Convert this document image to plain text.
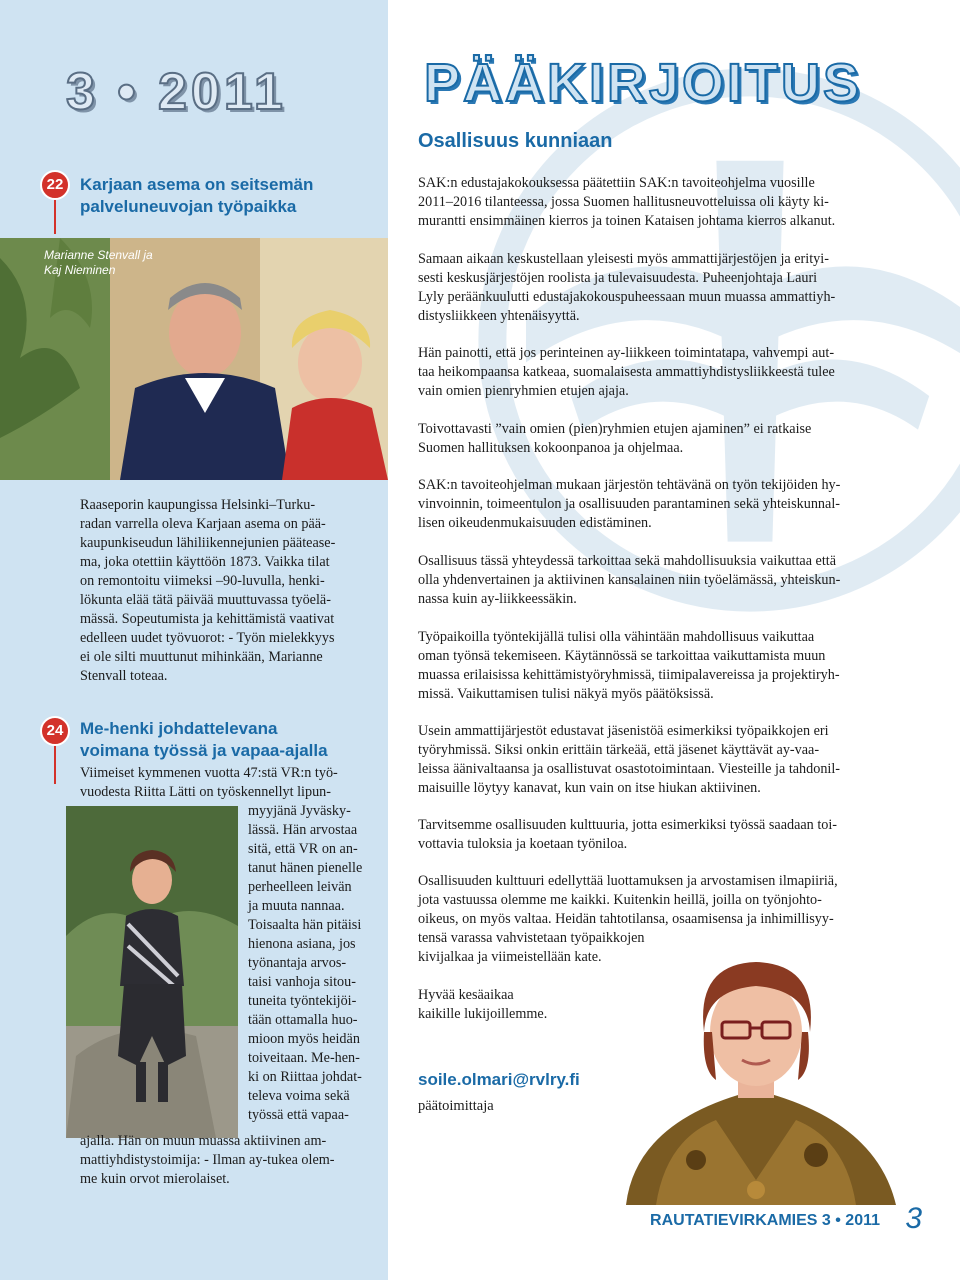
3 • 2011
22 Karjaan asema on seitsemän
palveluneuvojan työpaikka
Marianne Stenvall ja
Kaj Nieminen
Raaseporin kaupungissa Helsinki–Turku-
radan varrella oleva Karjaan asema on pää-
kaupunkiseudun lähiliikennejunien pääteasе-
ma, joka otettiin käyttöön 1873. Vaikka tilat
on remontoitu viimeksi –90-luvulla, henki-
lökunta elää tätä päivää muuttuvassa työelä-
mässä. Sopeutumista ja kehittämistä vaativat
edelleen uudet työvuorot: - Työn mielekkyys
ei ole silti muuttunut mihinkään, Marianne
Stenvall toteaa.
24 Me-henki johdattelevana
voimana työssä ja vapaa-ajalla
Viimeiset kymmenen vuotta 47:stä VR:n työ-
vuodesta Riitta Lätti on työskennellyt lipun-
myyjänä Jyväsky-
lässä. Hän arvostaa
sitä, että VR on an-
tanut hänen pienelle
perheelleen leivän
ja muuta nannaa.
Toisaalta hän pitäisi
hienona asiana, jos
työnantaja arvos-
taisi vanhoja sitou-
tuneita työntekijöi-
tään ottamalla huo-
mioon myös heidän
toiveitaan. Me-hen-
ki on Riittaa johdat-
televa voima sekä
työssä että vapaa-
ajalla. Hän on muun muassa aktiivinen am-
mattiyhdistystoimija: - Ilman ay-tukea olem-
me kuin orvot mierolaiset.
PÄÄKIRJOITUS
Osallisuus kunniaan
SAK:n edustajakokouksessa päätettiin SAK:n tavoiteohjelma vuosille
2011–2016 tilanteessa, jossa Suomen hallitusneuvotteluissa oli käyty ki-
murantti ensimmäinen kierros ja toinen Kataisen johtama kierros alkanut.
Samaan aikaan keskustellaan yleisesti myös ammattijärjestöjen ja erityi-
sesti keskusjärjestöjen roolista ja tulevaisuudesta. Puheenjohtaja Lauri
Lyly peräänkuulutti edustajakokouspuheessaan muun muassa ammattiyh-
distysliikkeen yhtenäisyyttä.
Hän painotti, että jos perinteinen ay-liikkeen toimintatapa, vahvempi aut-
taa heikompaansa katkeaa, suomalaisesta ammattiyhdistysliikkeestä tulee
vain omien pienryhmien etujen ajaja.
Toivottavasti ”vain omien (pien)ryhmien etujen ajaminen” ei ratkaise
Suomen hallituksen kokoonpanoa ja ohjelmaa.
SAK:n tavoiteohjelman mukaan järjestön tehtävänä on työn tekijöiden hy-
vinvoinnin, toimeentulon ja osallisuuden parantaminen sekä yhteiskunnal-
lisen oikeudenmukaisuuden edistäminen.
Osallisuus tässä yhteydessä tarkoittaa sekä mahdollisuuksia vaikuttaa että
olla yhdenvertainen ja aktiivinen kansalainen niin työelämässä, yhteiskun-
nassa kuin ay-liikkeessäkin.
Työpaikoilla työntekijällä tulisi olla vähintään mahdollisuus vaikuttaa
oman työnsä tekemiseen. Käytännössä se tarkoittaa vaikuttamista muun
muassa erilaisissa kehittämistyöryhmissä, tiimipalavereissa ja projektiryh-
missä. Vaikuttamisen tulisi näkyä myös päätöksissä.
Usein ammattijärjestöt edustavat jäsenistöä esimerkiksi työpaikkojen eri
työryhmissä. Siksi onkin erittäin tärkeää, että jäsenet käyttävät ay-vaa-
leissa äänivaltaansa ja osallistuvat osastotoimintaan. Viesteille ja tahdonil-
maisuille löytyy kanavat, kun vain on itse hiukan aktiivinen.
Tarvitsemme osallisuuden kulttuuria, jotta esimerkiksi työssä saadaan toi-
vottavia tuloksia ja koetaan työniloa.
Osallisuuden kulttuuri edellyttää luottamuksen ja arvostamisen ilmapiiriä,
jota vastuussa olemme me kaikki. Kuitenkin heillä, joilla on työnjohto-
oikeus, on myös valtaa. Heidän tahtotilansa, osaamisensa ja inhimillisyy-
tensä varassa vahvistetaan työpaikkojen
kivijalkaa ja viimeistellään kate.
Hyvää kesäaikaa
kaikille lukijoillemme.
soile.olmari@rvlry.fi
päätoimittaja
RAUTATIEVIRKAMIES 3 • 2011 3
